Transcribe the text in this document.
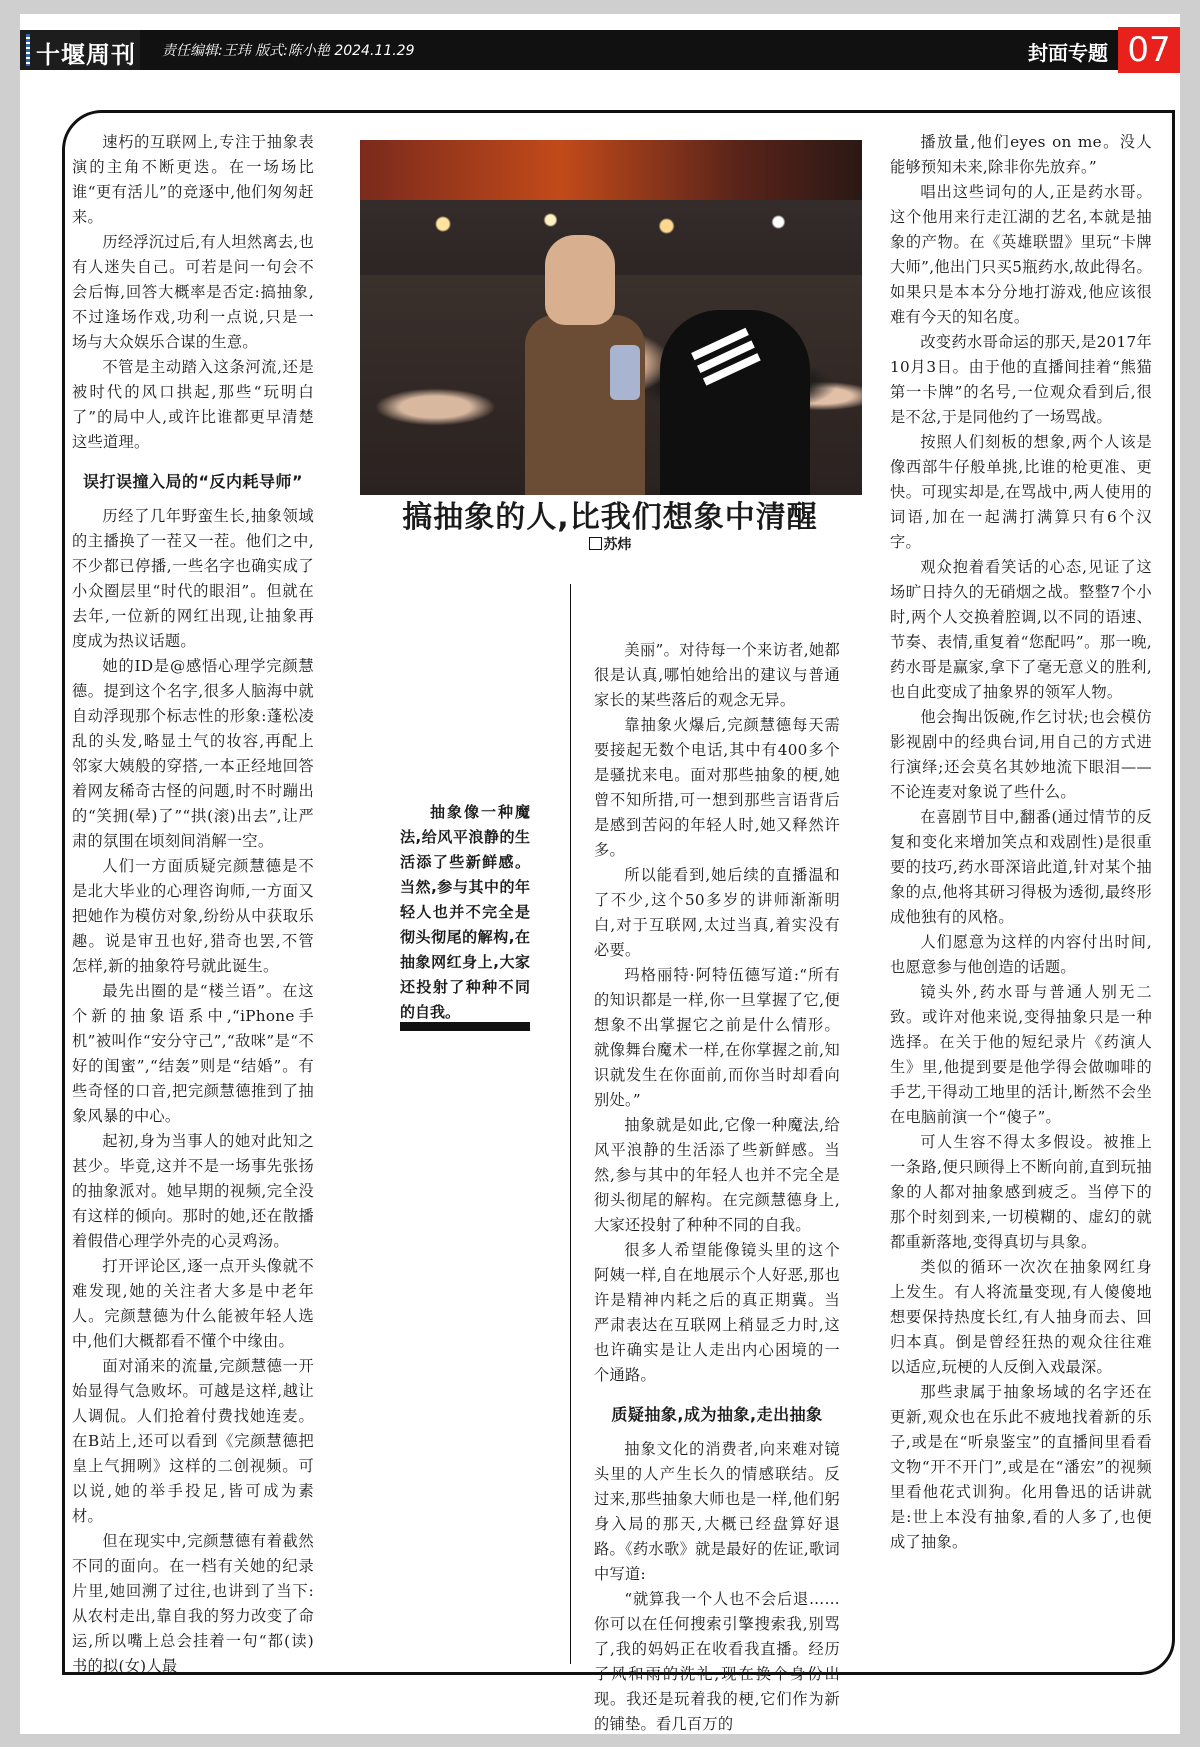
十堰周刊 责任编辑:王玮 版式:陈小艳 2024.11.29	封面专题 07

速朽的互联网上,专注于抽象表演的主角不断更迭。在一场场比谁“更有活儿”的竞逐中,他们匆匆赶来。

历经浮沉过后,有人坦然离去,也有人迷失自己。可若是问一句会不会后悔,回答大概率是否定:搞抽象,不过逢场作戏,功利一点说,只是一场与大众娱乐合谋的生意。

不管是主动踏入这条河流,还是被时代的风口拱起,那些“玩明白了”的局中人,或许比谁都更早清楚这些道理。

误打误撞入局的“反内耗导师”

历经了几年野蛮生长,抽象领域的主播换了一茬又一茬。他们之中,不少都已停播,一些名字也确实成了小众圈层里“时代的眼泪”。但就在去年,一位新的网红出现,让抽象再度成为热议话题。

她的ID是@感悟心理学完颜慧德。提到这个名字,很多人脑海中就自动浮现那个标志性的形象:蓬松凌乱的头发,略显土气的妆容,再配上邻家大姨般的穿搭,一本正经地回答着网友稀奇古怪的问题,时不时蹦出的“笑拥(晕)了”“拱(滚)出去”,让严肃的氛围在顷刻间消解一空。

人们一方面质疑完颜慧德是不是北大毕业的心理咨询师,一方面又把她作为模仿对象,纷纷从中获取乐趣。说是审丑也好,猎奇也罢,不管怎样,新的抽象符号就此诞生。

最先出圈的是“楼兰语”。在这个新的抽象语系中,“iPhone手机”被叫作“安分守己”,“敌咪”是“不好的闺蜜”,“结轰”则是“结婚”。有些奇怪的口音,把完颜慧德推到了抽象风暴的中心。

起初,身为当事人的她对此知之甚少。毕竟,这并不是一场事先张扬的抽象派对。她早期的视频,完全没有这样的倾向。那时的她,还在散播着假借心理学外壳的心灵鸡汤。

打开评论区,逐一点开头像就不难发现,她的关注者大多是中老年人。完颜慧德为什么能被年轻人选中,他们大概都看不懂个中缘由。

面对涌来的流量,完颜慧德一开始显得气急败坏。可越是这样,越让人调侃。人们抢着付费找她连麦。在B站上,还可以看到《完颜慧德把皇上气拥咧》这样的二创视频。可以说,她的举手投足,皆可成为素材。

但在现实中,完颜慧德有着截然不同的面向。在一档有关她的纪录片里,她回溯了过往,也讲到了当下:从农村走出,靠自我的努力改变了命运,所以嘴上总会挂着一句“都(读)书的拟(女)人最

搞抽象的人,比我们想象中清醒
苏炜

抽象像一种魔法,给风平浪静的生活添了些新鲜感。当然,参与其中的年轻人也并不完全是彻头彻尾的解构,在抽象网红身上,大家还投射了种种不同的自我。

美丽”。对待每一个来访者,她都很是认真,哪怕她给出的建议与普通家长的某些落后的观念无异。

靠抽象火爆后,完颜慧德每天需要接起无数个电话,其中有400多个是骚扰来电。面对那些抽象的梗,她曾不知所措,可一想到那些言语背后是感到苦闷的年轻人时,她又释然许多。

所以能看到,她后续的直播温和了不少,这个50多岁的讲师渐渐明白,对于互联网,太过当真,着实没有必要。

玛格丽特·阿特伍德写道:“所有的知识都是一样,你一旦掌握了它,便想象不出掌握它之前是什么情形。就像舞台魔术一样,在你掌握之前,知识就发生在你面前,而你当时却看向别处。”

抽象就是如此,它像一种魔法,给风平浪静的生活添了些新鲜感。当然,参与其中的年轻人也并不完全是彻头彻尾的解构。在完颜慧德身上,大家还投射了种种不同的自我。

很多人希望能像镜头里的这个阿姨一样,自在地展示个人好恶,那也许是精神内耗之后的真正期冀。当严肃表达在互联网上稍显乏力时,这也许确实是让人走出内心困境的一个通路。

质疑抽象,成为抽象,走出抽象

抽象文化的消费者,向来难对镜头里的人产生长久的情感联结。反过来,那些抽象大师也是一样,他们躬身入局的那天,大概已经盘算好退路。《药水歌》就是最好的佐证,歌词中写道:

“就算我一个人也不会后退……你可以在任何搜索引擎搜索我,别骂了,我的妈妈正在收看我直播。经历了风和雨的洗礼,现在换个身份出现。我还是玩着我的梗,它们作为新的铺垫。看几百万的

播放量,他们eyes on me。没人能够预知未来,除非你先放弃。”

唱出这些词句的人,正是药水哥。这个他用来行走江湖的艺名,本就是抽象的产物。在《英雄联盟》里玩“卡牌大师”,他出门只买5瓶药水,故此得名。如果只是本本分分地打游戏,他应该很难有今天的知名度。

改变药水哥命运的那天,是2017年10月3日。由于他的直播间挂着“熊猫第一卡牌”的名号,一位观众看到后,很是不忿,于是同他约了一场骂战。

按照人们刻板的想象,两个人该是像西部牛仔般单挑,比谁的枪更准、更快。可现实却是,在骂战中,两人使用的词语,加在一起满打满算只有6个汉字。

观众抱着看笑话的心态,见证了这场旷日持久的无硝烟之战。整整7个小时,两个人交换着腔调,以不同的语速、节奏、表情,重复着“您配吗”。那一晚,药水哥是赢家,拿下了毫无意义的胜利,也自此变成了抽象界的领军人物。

他会掏出饭碗,作乞讨状;也会模仿影视剧中的经典台词,用自己的方式进行演绎;还会莫名其妙地流下眼泪——不论连麦对象说了些什么。

在喜剧节目中,翻番(通过情节的反复和变化来增加笑点和戏剧性)是很重要的技巧,药水哥深谙此道,针对某个抽象的点,他将其研习得极为透彻,最终形成他独有的风格。

人们愿意为这样的内容付出时间,也愿意参与他创造的话题。

镜头外,药水哥与普通人别无二致。或许对他来说,变得抽象只是一种选择。在关于他的短纪录片《药演人生》里,他提到要是他学得会做咖啡的手艺,干得动工地里的活计,断然不会坐在电脑前演一个“傻子”。

可人生容不得太多假设。被推上一条路,便只顾得上不断向前,直到玩抽象的人都对抽象感到疲乏。当停下的那个时刻到来,一切模糊的、虚幻的就都重新落地,变得真切与具象。

类似的循环一次次在抽象网红身上发生。有人将流量变现,有人傻傻地想要保持热度长红,有人抽身而去、回归本真。倒是曾经狂热的观众往往难以适应,玩梗的人反倒入戏最深。

那些隶属于抽象场域的名字还在更新,观众也在乐此不疲地找着新的乐子,或是在“听泉鉴宝”的直播间里看看文物“开不开门”,或是在“潘宏”的视频里看他花式训狗。化用鲁迅的话讲就是:世上本没有抽象,看的人多了,也便成了抽象。
